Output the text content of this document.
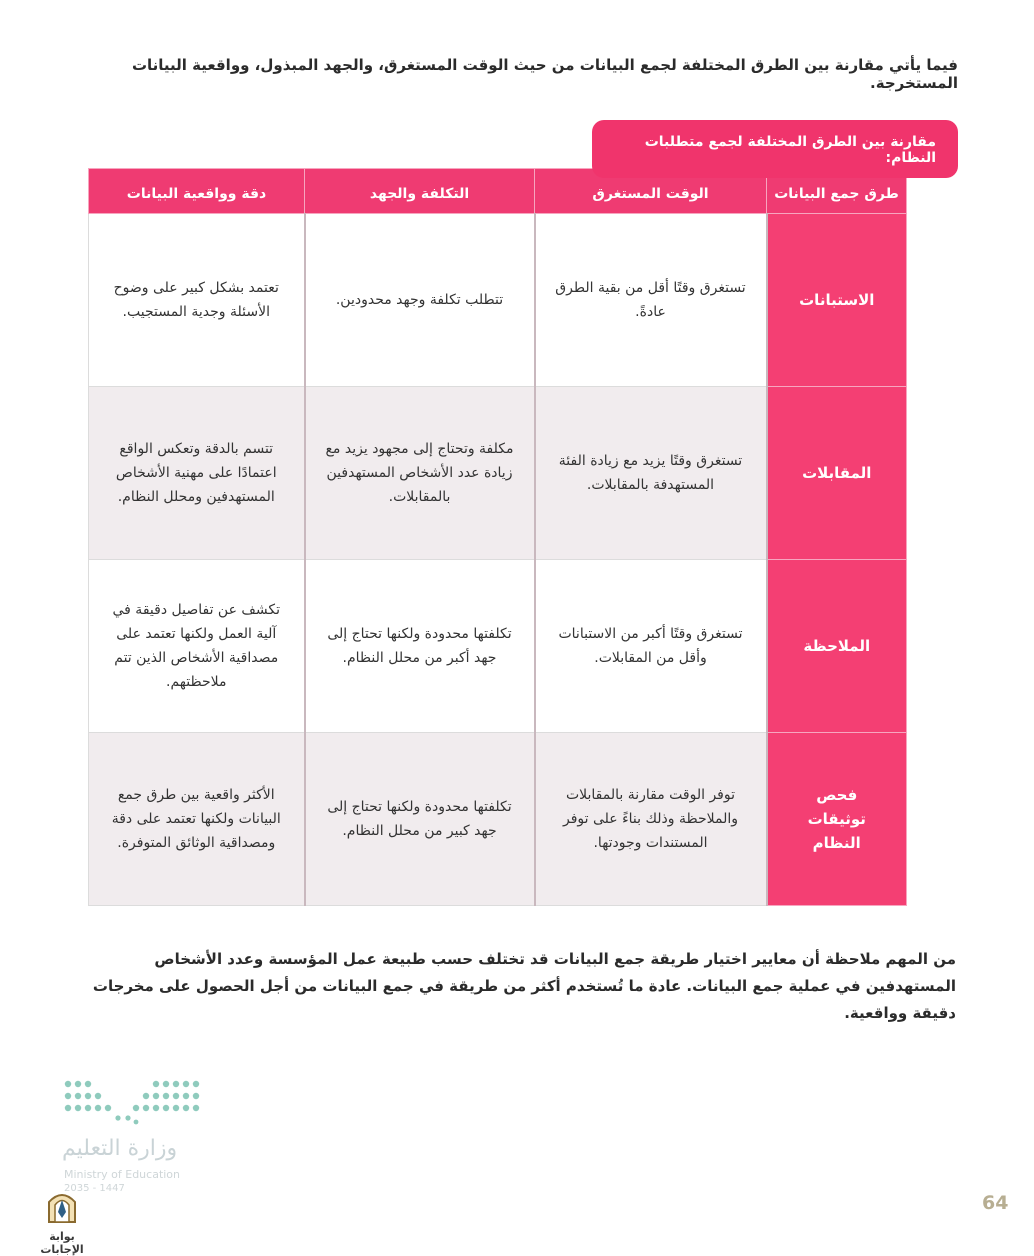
فيما يأتي مقارنة بين الطرق المختلفة لجمع البيانات من حيث الوقت المستغرق، والجهد المبذول، وواقعية البيانات المستخرجة.
مقارنة بين الطرق المختلفة لجمع متطلبات النظام:
طرق جمع البيانات	الوقت المستغرق	التكلفة والجهد	دقة وواقعية البيانات
الاستبانات	تستغرق وقتًا أقل من بقية الطرق عادةً.	تتطلب تكلفة وجهد محدودين.	تعتمد بشكل كبير على وضوح الأسئلة وجدية المستجيب.
المقابلات	تستغرق وقتًا يزيد مع زيادة الفئة المستهدفة بالمقابلات.	مكلفة وتحتاج إلى مجهود يزيد مع زيادة عدد الأشخاص المستهدفين بالمقابلات.	تتسم بالدقة وتعكس الواقع اعتمادًا على مهنية الأشخاص المستهدفين ومحلل النظام.
الملاحظة	تستغرق وقتًا أكبر من الاستبانات وأقل من المقابلات.	تكلفتها محدودة ولكنها تحتاج إلى جهد أكبر من محلل النظام.	تكشف عن تفاصيل دقيقة في آلية العمل ولكنها تعتمد على مصداقية الأشخاص الذين تتم ملاحظتهم.
فحص توثيقات النظام	توفر الوقت مقارنة بالمقابلات والملاحظة وذلك بناءً على توفر المستندات وجودتها.	تكلفتها محدودة ولكنها تحتاج إلى جهد كبير من محلل النظام.	الأكثر واقعية بين طرق جمع البيانات ولكنها تعتمد على دقة ومصداقية الوثائق المتوفرة.
من المهم ملاحظة أن معايير اختيار طريقة جمع البيانات قد تختلف حسب طبيعة عمل المؤسسة وعدد الأشخاص المستهدفين في عملية جمع البيانات. عادة ما تُستخدم أكثر من طريقة في جمع البيانات من أجل الحصول على مخرجات دقيقة وواقعية.
وزارة التعليم
Ministry of Education
2035 - 1447
بوابة الإجابات
64
